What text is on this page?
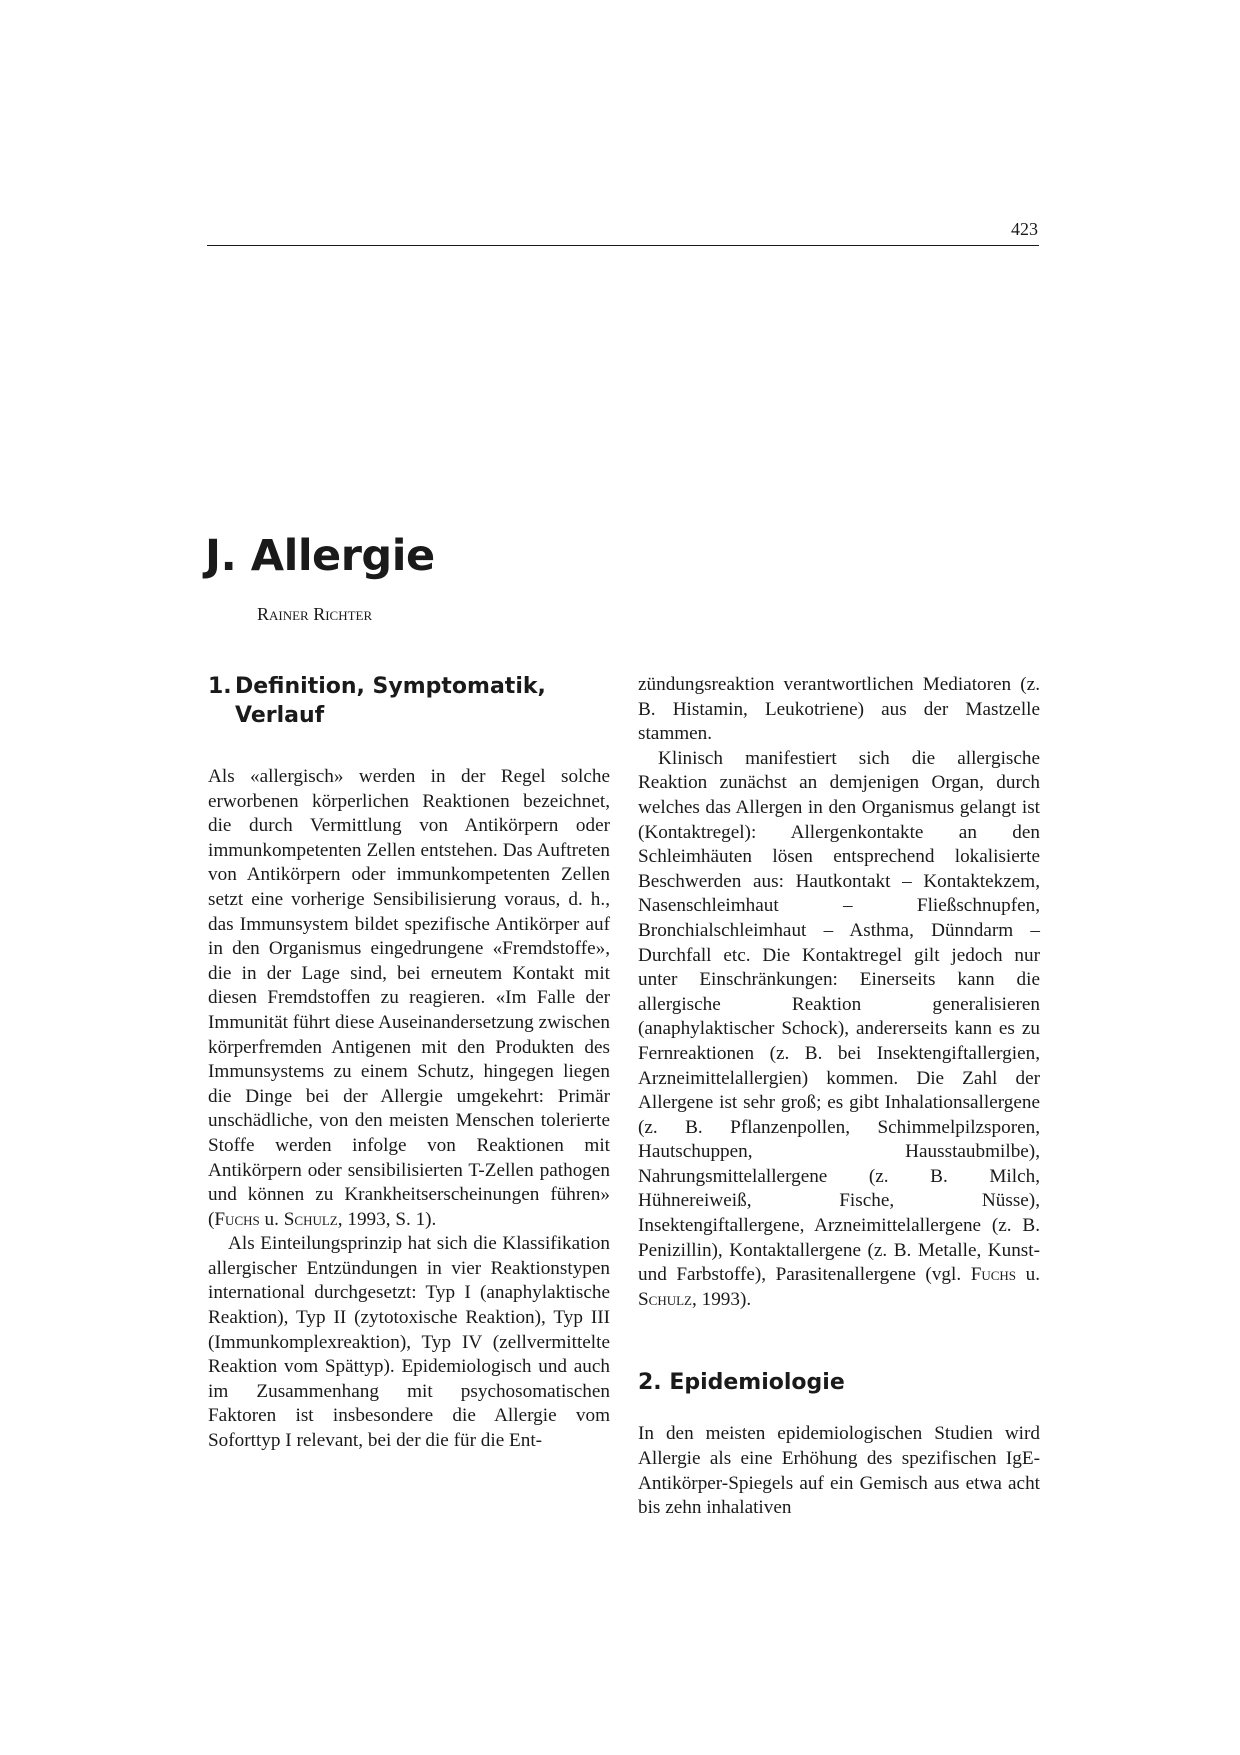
423
J. Allergie
Rainer Richter
1. Definition, Symptomatik,
Verlauf

Als «allergisch» werden in der Regel solche erworbenen körperlichen Reaktionen bezeichnet, die durch Vermittlung von Antikörpern oder immunkompetenten Zellen entstehen. Das Auftreten von Antikörpern oder immunkompetenten Zellen setzt eine vorherige Sensibilisierung voraus, d. h., das Immunsystem bildet spezifische Antikörper auf in den Organismus eingedrungene «Fremdstoffe», die in der Lage sind, bei erneutem Kontakt mit diesen Fremdstoffen zu reagieren. «Im Falle der Immunität führt diese Auseinandersetzung zwischen körperfremden Antigenen mit den Produkten des Immunsystems zu einem Schutz, hingegen liegen die Dinge bei der Allergie umgekehrt: Primär unschädliche, von den meisten Menschen tolerierte Stoffe werden infolge von Reaktionen mit Antikörpern oder sensibilisierten T-Zellen pathogen und können zu Krankheitserscheinungen führen» (Fuchs u. Schulz, 1993, S. 1).

Als Einteilungsprinzip hat sich die Klassifikation allergischer Entzündungen in vier Reaktionstypen international durchgesetzt: Typ I (anaphylaktische Reaktion), Typ II (zytotoxische Reaktion), Typ III (Immunkomplexreaktion), Typ IV (zellvermittelte Reaktion vom Spättyp). Epidemiologisch und auch im Zusammenhang mit psychosomatischen Faktoren ist insbesondere die Allergie vom Soforttyp I relevant, bei der die für die Ent-

zündungsreaktion verantwortlichen Mediatoren (z. B. Histamin, Leukotriene) aus der Mastzelle stammen.

Klinisch manifestiert sich die allergische Reaktion zunächst an demjenigen Organ, durch welches das Allergen in den Organismus gelangt ist (Kontaktregel): Allergenkontakte an den Schleimhäuten lösen entsprechend lokalisierte Beschwerden aus: Hautkontakt – Kontaktekzem, Nasenschleimhaut – Fließschnupfen, Bronchialschleimhaut – Asthma, Dünndarm – Durchfall etc. Die Kontaktregel gilt jedoch nur unter Einschränkungen: Einerseits kann die allergische Reaktion generalisieren (anaphylaktischer Schock), andererseits kann es zu Fernreaktionen (z. B. bei Insektengiftallergien, Arzneimittelallergien) kommen. Die Zahl der Allergene ist sehr groß; es gibt Inhalationsallergene (z. B. Pflanzenpollen, Schimmelpilzsporen, Hautschuppen, Hausstaubmilbe), Nahrungsmittelallergene (z. B. Milch, Hühnereiweiß, Fische, Nüsse), Insektengiftallergene, Arzneimittelallergene (z. B. Penizillin), Kontaktallergene (z. B. Metalle, Kunst- und Farbstoffe), Parasitenallergene (vgl. Fuchs u. Schulz, 1993).

2. Epidemiologie

In den meisten epidemiologischen Studien wird Allergie als eine Erhöhung des spezifischen IgE-Antikörper-Spiegels auf ein Gemisch aus etwa acht bis zehn inhalativen
